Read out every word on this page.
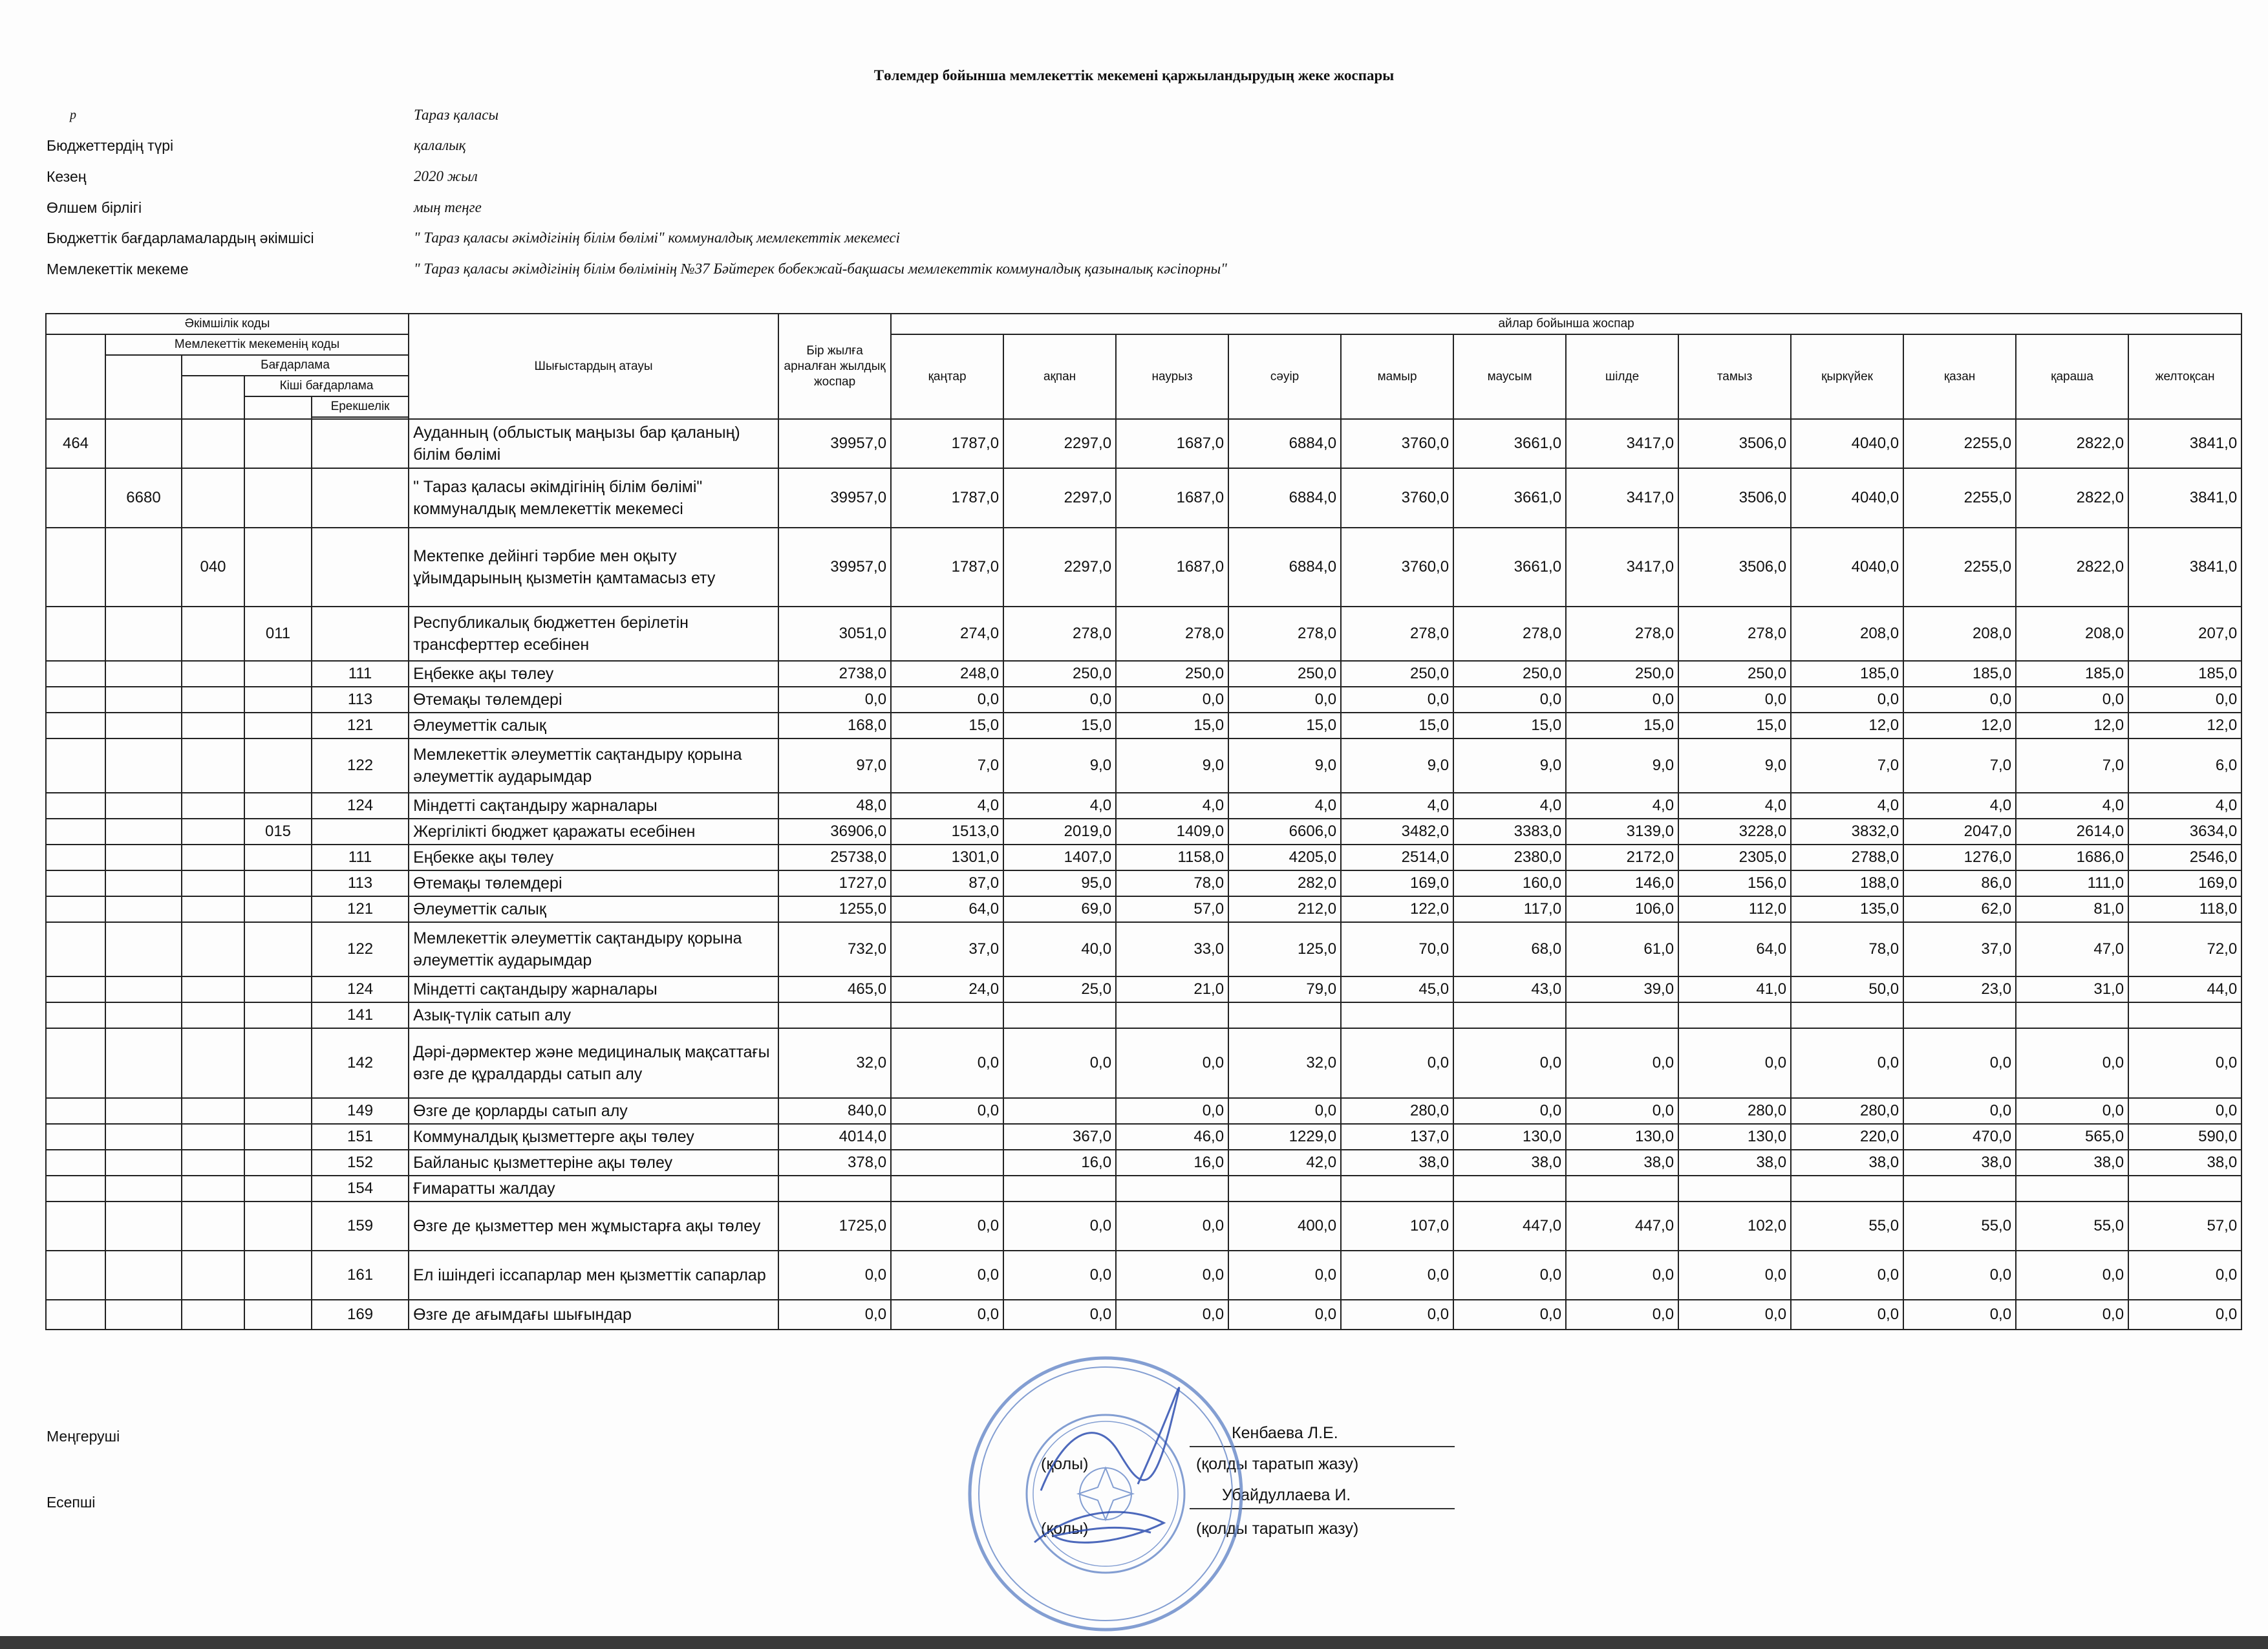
Төлемдер бойынша мемлекеттік мекемені қаржыландырудың жеке жоспары
р	Тараз қаласы
Бюджеттердің түрі	қалалық
Кезең	2020 жыл
Өлшем бірлігі	мың теңге
Бюджеттік бағдарламалардың әкімшісі	" Тараз қаласы әкімдігінің білім бөлімі" коммуналдық мемлекеттік мекемесі
Мемлекеттік мекеме	" Тараз қаласы әкімдігінің білім бөлімінің №37 Бәйтерек бобекжай-бақшасы мемлекеттік коммуналдық қазыналық кәсіпорны"
Әкімшілік коды					Шығыстардың атауы	Бір жылға арналған жылдық жоспар	айлар бойынша жоспар											
	Мемлекеттік мекеменің коды						қаңтар	ақпан	наурыз	сәуір	мамыр	маусым	шілде	тамыз	қыркүйек	қазан	қараша	желтоқсан
		Бағдарлама																
			Кіші бағдарлама															
				Ерекшелік														

464					Ауданның (облыстық маңызы бар қаланың) білім бөлімі	39957,0	1787,0	2297,0	1687,0	6884,0	3760,0	3661,0	3417,0	3506,0	4040,0	2255,0	2822,0	3841,0
	6680				" Тараз қаласы әкімдігінің білім бөлімі" коммуналдық мемлекеттік мекемесі	39957,0	1787,0	2297,0	1687,0	6884,0	3760,0	3661,0	3417,0	3506,0	4040,0	2255,0	2822,0	3841,0
		040			Мектепке дейінгі тәрбие мен оқыту ұйымдарының қызметін қамтамасыз ету	39957,0	1787,0	2297,0	1687,0	6884,0	3760,0	3661,0	3417,0	3506,0	4040,0	2255,0	2822,0	3841,0
			011		Республикалық бюджеттен берілетін трансферттер есебінен	3051,0	274,0	278,0	278,0	278,0	278,0	278,0	278,0	278,0	208,0	208,0	208,0	207,0
				111	Еңбекке ақы төлеу	2738,0	248,0	250,0	250,0	250,0	250,0	250,0	250,0	250,0	185,0	185,0	185,0	185,0
				113	Өтемақы төлемдері	0,0	0,0	0,0	0,0	0,0	0,0	0,0	0,0	0,0	0,0	0,0	0,0	0,0
				121	Әлеуметтік салық	168,0	15,0	15,0	15,0	15,0	15,0	15,0	15,0	15,0	12,0	12,0	12,0	12,0
				122	Мемлекеттік әлеуметтік сақтандыру қорына әлеуметтік аударымдар	97,0	7,0	9,0	9,0	9,0	9,0	9,0	9,0	9,0	7,0	7,0	7,0	6,0
				124	Міндетті сақтандыру жарналары	48,0	4,0	4,0	4,0	4,0	4,0	4,0	4,0	4,0	4,0	4,0	4,0	4,0
			015		Жергілікті бюджет қаражаты есебінен	36906,0	1513,0	2019,0	1409,0	6606,0	3482,0	3383,0	3139,0	3228,0	3832,0	2047,0	2614,0	3634,0
				111	Еңбекке ақы төлеу	25738,0	1301,0	1407,0	1158,0	4205,0	2514,0	2380,0	2172,0	2305,0	2788,0	1276,0	1686,0	2546,0
				113	Өтемақы төлемдері	1727,0	87,0	95,0	78,0	282,0	169,0	160,0	146,0	156,0	188,0	86,0	111,0	169,0
				121	Әлеуметтік салық	1255,0	64,0	69,0	57,0	212,0	122,0	117,0	106,0	112,0	135,0	62,0	81,0	118,0
				122	Мемлекеттік әлеуметтік сақтандыру қорына әлеуметтік аударымдар	732,0	37,0	40,0	33,0	125,0	70,0	68,0	61,0	64,0	78,0	37,0	47,0	72,0
				124	Міндетті сақтандыру жарналары	465,0	24,0	25,0	21,0	79,0	45,0	43,0	39,0	41,0	50,0	23,0	31,0	44,0
				141	Азық-түлік сатып алу													
				142	Дәрі-дәрмектер және медициналық мақсаттағы өзге де құралдарды сатып алу	32,0	0,0	0,0	0,0	32,0	0,0	0,0	0,0	0,0	0,0	0,0	0,0	0,0
				149	Өзге де қорларды сатып алу	840,0	0,0		0,0	0,0	280,0	0,0	0,0	280,0	280,0	0,0	0,0	0,0
				151	Коммуналдық қызметтерге ақы төлеу	4014,0		367,0	46,0	1229,0	137,0	130,0	130,0	130,0	220,0	470,0	565,0	590,0
				152	Байланыс қызметтеріне ақы төлеу	378,0		16,0	16,0	42,0	38,0	38,0	38,0	38,0	38,0	38,0	38,0	38,0
				154	Ғимаратты жалдау													
				159	Өзге де қызметтер мен жұмыстарға ақы төлеу	1725,0	0,0	0,0	0,0	400,0	107,0	447,0	447,0	102,0	55,0	55,0	55,0	57,0
				161	Ел ішіндегі іссапарлар мен қызметтік сапарлар	0,0	0,0	0,0	0,0	0,0	0,0	0,0	0,0	0,0	0,0	0,0	0,0	0,0
				169	Өзге де ағымдағы шығындар	0,0	0,0	0,0	0,0	0,0	0,0	0,0	0,0	0,0	0,0	0,0	0,0	0,0
Меңгеруші
Есепші
Кенбаева Л.Е.
(қолы)	(қолды таратып жазу)
Убайдуллаева И.
(қолы)	(қолды таратып жазу)
